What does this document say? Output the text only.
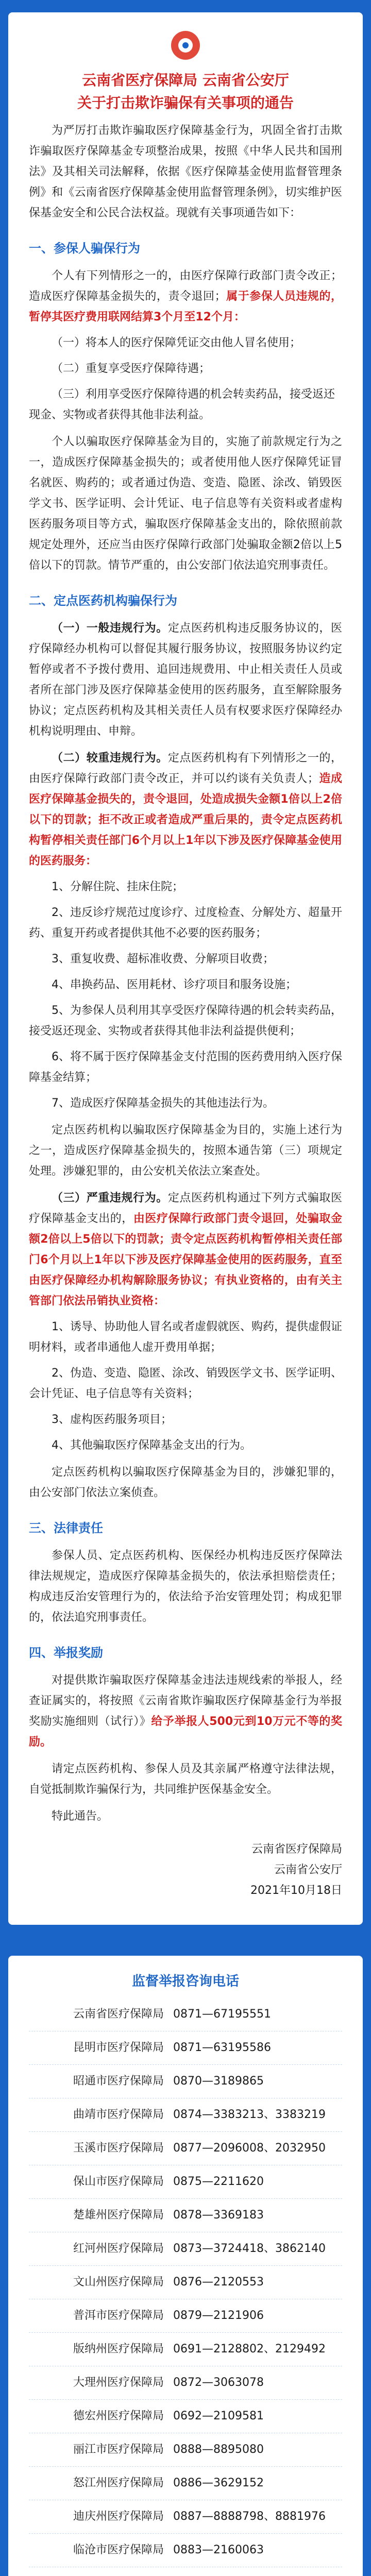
云南省医疗保障局 云南省公安厅
关于打击欺诈骗保有关事项的通告

为严厉打击欺诈骗取医疗保障基金行为，巩固全省打击欺诈骗取医疗保障基金专项整治成果，按照《中华人民共和国刑法》及其相关司法解释，依据《医疗保障基金使用监督管理条例》和《云南省医疗保障基金使用监督管理条例》，切实维护医保基金安全和公民合法权益。现就有关事项通告如下：

一、参保人骗保行为

个人有下列情形之一的，由医疗保障行政部门责令改正；造成医疗保障基金损失的，责令退回；属于参保人员违规的，暂停其医疗费用联网结算3个月至12个月：

（一）将本人的医疗保障凭证交由他人冒名使用；

（二）重复享受医疗保障待遇；

（三）利用享受医疗保障待遇的机会转卖药品，接受返还现金、实物或者获得其他非法利益。

个人以骗取医疗保障基金为目的，实施了前款规定行为之一，造成医疗保障基金损失的；或者使用他人医疗保障凭证冒名就医、购药的；或者通过伪造、变造、隐匿、涂改、销毁医学文书、医学证明、会计凭证、电子信息等有关资料或者虚构医药服务项目等方式，骗取医疗保障基金支出的，除依照前款规定处理外，还应当由医疗保障行政部门处骗取金额2倍以上5倍以下的罚款。情节严重的，由公安部门依法追究刑事责任。

二、定点医药机构骗保行为

（一）一般违规行为。定点医药机构违反服务协议的，医疗保障经办机构可以督促其履行服务协议，按照服务协议约定暂停或者不予拨付费用、追回违规费用、中止相关责任人员或者所在部门涉及医疗保障基金使用的医药服务，直至解除服务协议；定点医药机构及其相关责任人员有权要求医疗保障经办机构说明理由、申辩。

（二）较重违规行为。定点医药机构有下列情形之一的，由医疗保障行政部门责令改正，并可以约谈有关负责人；造成医疗保障基金损失的，责令退回，处造成损失金额1倍以上2倍以下的罚款；拒不改正或者造成严重后果的，责令定点医药机构暂停相关责任部门6个月以上1年以下涉及医疗保障基金使用的医药服务：

1、分解住院、挂床住院；

2、违反诊疗规范过度诊疗、过度检查、分解处方、超量开药、重复开药或者提供其他不必要的医药服务；

3、重复收费、超标准收费、分解项目收费；

4、串换药品、医用耗材、诊疗项目和服务设施；

5、为参保人员利用其享受医疗保障待遇的机会转卖药品，接受返还现金、实物或者获得其他非法利益提供便利；

6、将不属于医疗保障基金支付范围的医药费用纳入医疗保障基金结算；

7、造成医疗保障基金损失的其他违法行为。

定点医药机构以骗取医疗保障基金为目的，实施上述行为之一，造成医疗保障基金损失的，按照本通告第（三）项规定处理。涉嫌犯罪的，由公安机关依法立案查处。

（三）严重违规行为。定点医药机构通过下列方式骗取医疗保障基金支出的，由医疗保障行政部门责令退回，处骗取金额2倍以上5倍以下的罚款；责令定点医药机构暂停相关责任部门6个月以上1年以下涉及医疗保障基金使用的医药服务，直至由医疗保障经办机构解除服务协议；有执业资格的，由有关主管部门依法吊销执业资格：

1、诱导、协助他人冒名或者虚假就医、购药，提供虚假证明材料，或者串通他人虚开费用单据；

2、伪造、变造、隐匿、涂改、销毁医学文书、医学证明、会计凭证、电子信息等有关资料；

3、虚构医药服务项目；

4、其他骗取医疗保障基金支出的行为。

定点医药机构以骗取医疗保障基金为目的，涉嫌犯罪的，由公安部门依法立案侦查。

三、法律责任

参保人员、定点医药机构、医保经办机构违反医疗保障法律法规规定，造成医疗保障基金损失的，依法承担赔偿责任；构成违反治安管理行为的，依法给予治安管理处罚；构成犯罪的，依法追究刑事责任。

四、举报奖励

对提供欺诈骗取医疗保障基金违法违规线索的举报人，经查证属实的，将按照《云南省欺诈骗取医疗保障基金行为举报奖励实施细则（试行）》给予举报人500元到10万元不等的奖励。

请定点医药机构、参保人员及其亲属严格遵守法律法规，自觉抵制欺诈骗保行为，共同维护医保基金安全。

特此通告。

云南省医疗保障局
云南省公安厅
2021年10月18日
监督举报咨询电话
云南省医疗保障局 0871—67195551
昆明市医疗保障局 0871—63195586
昭通市医疗保障局 0870—3189865
曲靖市医疗保障局 0874—3383213、3383219
玉溪市医疗保障局 0877—2096008、2032950
保山市医疗保障局 0875—2211620
楚雄州医疗保障局 0878—3369183
红河州医疗保障局 0873—3724418、3862140
文山州医疗保障局 0876—2120553
普洱市医疗保障局 0879—2121906
版纳州医疗保障局 0691—2128802、2129492
大理州医疗保障局 0872—3063078
德宏州医疗保障局 0692—2109581
丽江市医疗保障局 0888—8895080
怒江州医疗保障局 0886—3629152
迪庆州医疗保障局 0887—8888798、8881976
临沧市医疗保障局 0883—2160063
